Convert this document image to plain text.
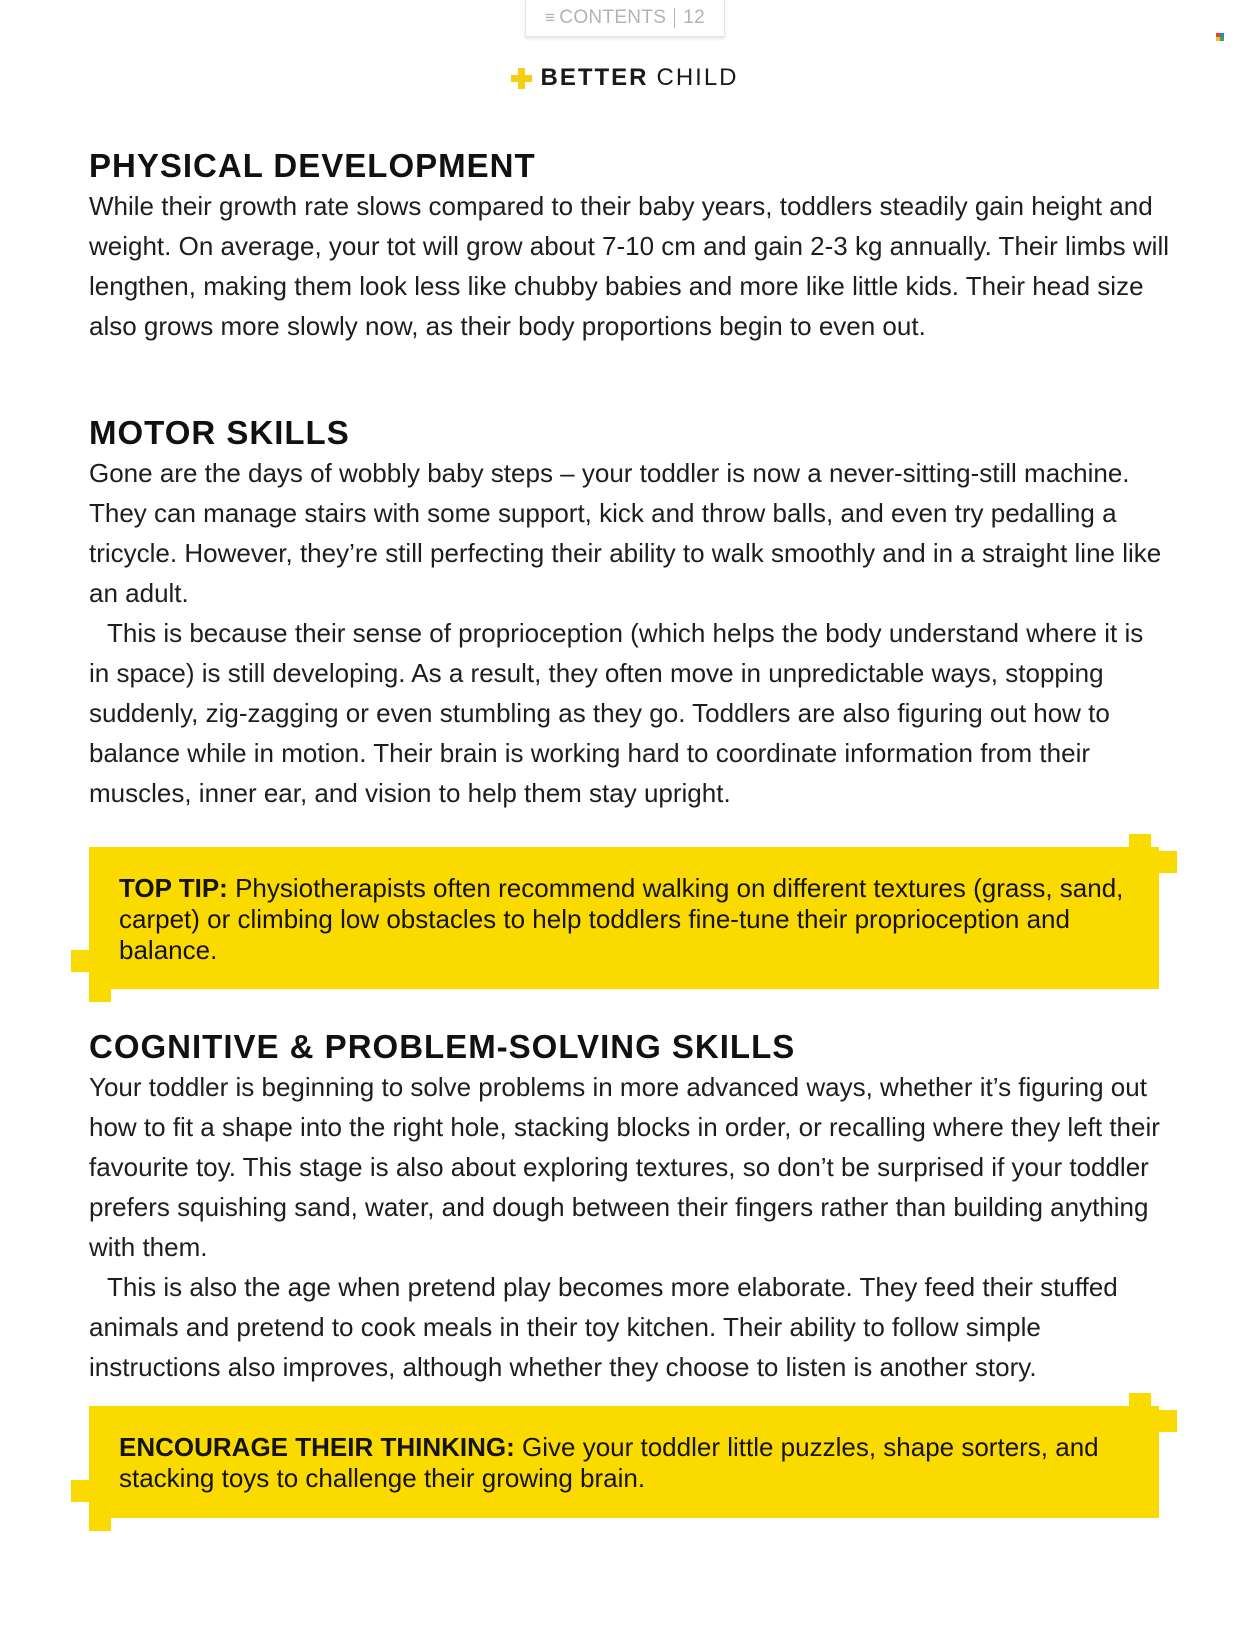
≡ CONTENTS 12
BETTER CHILD
PHYSICAL DEVELOPMENT

While their growth rate slows compared to their baby years, toddlers steadily gain height and weight. On average, your tot will grow about 7-10 cm and gain 2-3 kg annually. Their limbs will lengthen, making them look less like chubby babies and more like little kids. Their head size also grows more slowly now, as their body proportions begin to even out.

MOTOR SKILLS

Gone are the days of wobbly baby steps – your toddler is now a never-sitting-still machine. They can manage stairs with some support, kick and throw balls, and even try pedalling a tricycle. However, they’re still perfecting their ability to walk smoothly and in a straight line like an adult.

This is because their sense of proprioception (which helps the body understand where it is in space) is still developing. As a result, they often move in unpredictable ways, stopping suddenly, zig-zagging or even stumbling as they go. Toddlers are also figuring out how to balance while in motion. Their brain is working hard to coordinate information from their muscles, inner ear, and vision to help them stay upright.

TOP TIP: Physiotherapists often recommend walking on different textures (grass, sand, carpet) or climbing low obstacles to help toddlers fine-tune their proprioception and balance.
COGNITIVE & PROBLEM-SOLVING SKILLS

Your toddler is beginning to solve problems in more advanced ways, whether it’s figuring out how to fit a shape into the right hole, stacking blocks in order, or recalling where they left their favourite toy. This stage is also about exploring textures, so don’t be surprised if your toddler prefers squishing sand, water, and dough between their fingers rather than building anything with them.

This is also the age when pretend play becomes more elaborate. They feed their stuffed animals and pretend to cook meals in their toy kitchen. Their ability to follow simple instructions also improves, although whether they choose to listen is another story.

ENCOURAGE THEIR THINKING: Give your toddler little puzzles, shape sorters, and stacking toys to challenge their growing brain.
